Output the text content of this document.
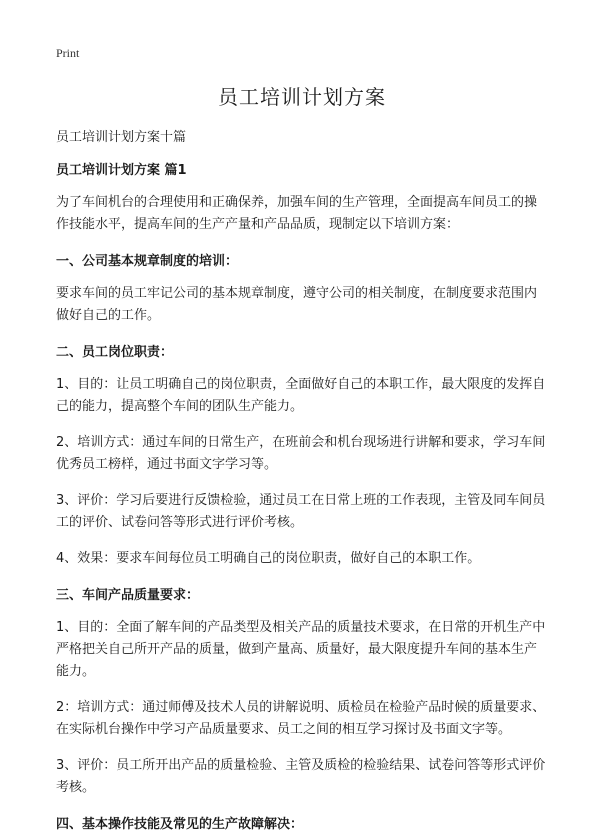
Print
员工培训计划方案

员工培训计划方案十篇

员工培训计划方案 篇1

为了车间机台的合理使用和正确保养，加强车间的生产管理，全面提高车间员工的操作技能水平，提高车间的生产产量和产品品质，现制定以下培训方案：

一、公司基本规章制度的培训：

要求车间的员工牢记公司的基本规章制度，遵守公司的相关制度，在制度要求范围内做好自己的工作。

二、员工岗位职责：

1、目的：让员工明确自己的岗位职责，全面做好自己的本职工作，最大限度的发挥自己的能力，提高整个车间的团队生产能力。

2、培训方式：通过车间的日常生产，在班前会和机台现场进行讲解和要求，学习车间优秀员工榜样，通过书面文字学习等。

3、评价：学习后要进行反馈检验，通过员工在日常上班的工作表现，主管及同车间员工的评价、试卷问答等形式进行评价考核。

4、效果：要求车间每位员工明确自己的岗位职责，做好自己的本职工作。

三、车间产品质量要求：

1、目的：全面了解车间的产品类型及相关产品的质量技术要求，在日常的开机生产中严格把关自己所开产品的质量，做到产量高、质量好，最大限度提升车间的基本生产能力。

2：培训方式：通过师傅及技术人员的讲解说明、质检员在检验产品时候的质量要求、在实际机台操作中学习产品质量要求、员工之间的相互学习探讨及书面文字等。

3、评价：员工所开出产品的质量检验、主管及质检的检验结果、试卷问答等形式评价考核。

四、基本操作技能及常见的生产故障解决：
